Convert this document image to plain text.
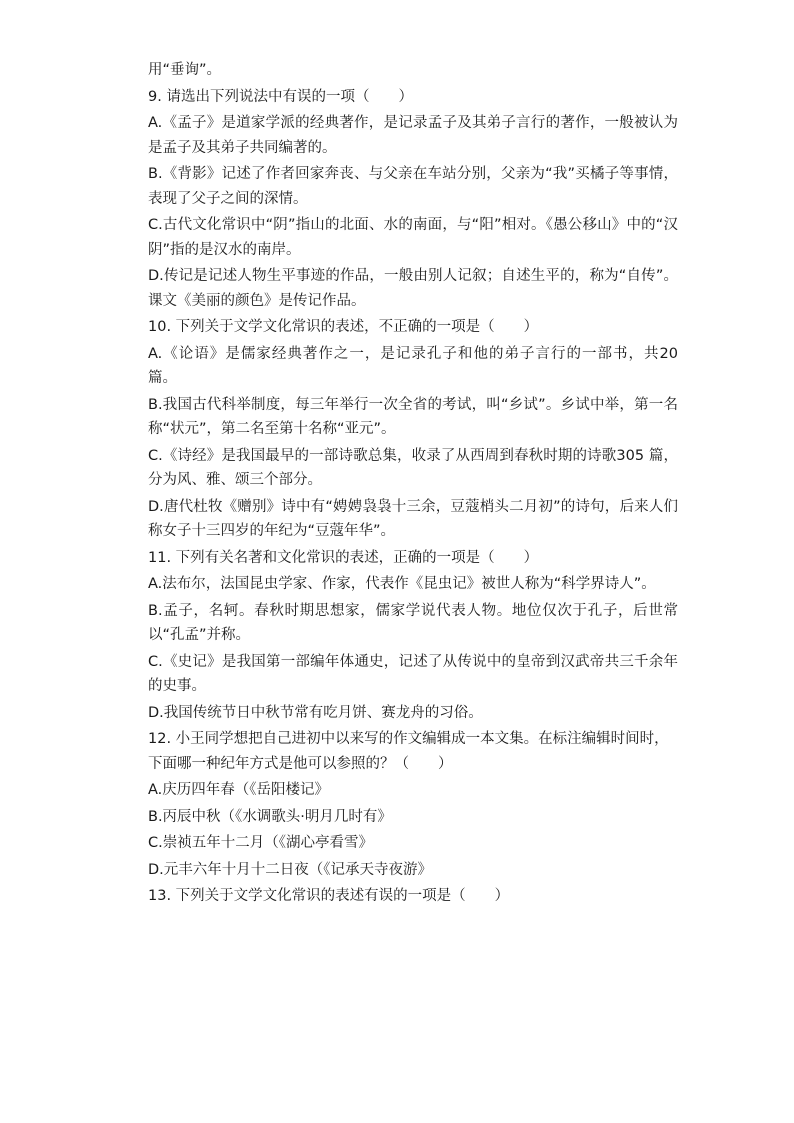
用“垂询”。

9. 请选出下列说法中有误的一项（　　）

A.《孟子》是道家学派的经典著作，是记录孟子及其弟子言行的著作，一般被认为是孟子及其弟子共同编著的。

B.《背影》记述了作者回家奔丧、与父亲在车站分别，父亲为“我”买橘子等事情，表现了父子之间的深情。

C.古代文化常识中“阴”指山的北面、水的南面，与“阳”相对。《愚公移山》中的“汉阴”指的是汉水的南岸。

D.传记是记述人物生平事迹的作品，一般由别人记叙；自述生平的，称为“自传”。课文《美丽的颜色》是传记作品。

10. 下列关于文学文化常识的表述，不正确的一项是（　　）

A.《论语》是儒家经典著作之一，是记录孔子和他的弟子言行的一部书，共20 篇。

B.我国古代科举制度，每三年举行一次全省的考试，叫“乡试”。乡试中举，第一名称“状元”，第二名至第十名称“亚元”。

C.《诗经》是我国最早的一部诗歌总集，收录了从西周到春秋时期的诗歌305 篇，分为风、雅、颂三个部分。

D.唐代杜牧《赠别》诗中有“娉娉袅袅十三余，豆蔻梢头二月初”的诗句，后来人们称女子十三四岁的年纪为“豆蔻年华”。

11. 下列有关名著和文化常识的表述，正确的一项是（　　）

A.法布尔，法国昆虫学家、作家，代表作《昆虫记》被世人称为“科学界诗人”。

B.孟子，名轲。春秋时期思想家，儒家学说代表人物。地位仅次于孔子，后世常以“孔孟”并称。

C.《史记》是我国第一部编年体通史，记述了从传说中的皇帝到汉武帝共三千余年的史事。

D.我国传统节日中秋节常有吃月饼、赛龙舟的习俗。

12. 小王同学想把自己进初中以来写的作文编辑成一本文集。在标注编辑时间时，下面哪一种纪年方式是他可以参照的？（　　）

A.庆历四年春（《岳阳楼记》

B.丙辰中秋（《水调歌头·明月几时有》

C.崇祯五年十二月（《湖心亭看雪》

D.元丰六年十月十二日夜（《记承天寺夜游》

13. 下列关于文学文化常识的表述有误的一项是（　　）
